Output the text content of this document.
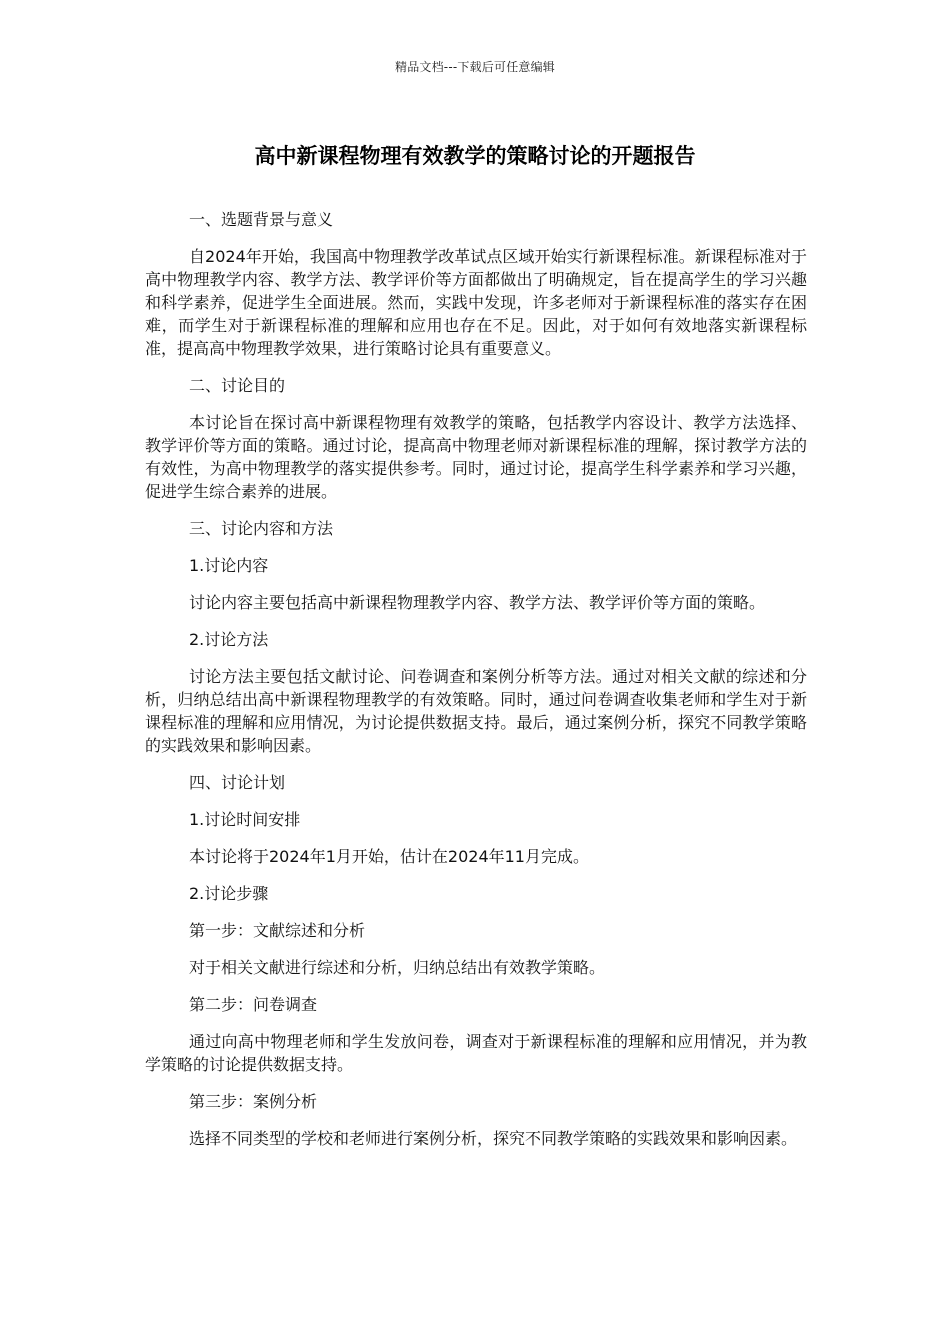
精品文档---下载后可任意编辑
高中新课程物理有效教学的策略讨论的开题报告

一、选题背景与意义

自2024年开始，我国高中物理教学改革试点区域开始实行新课程标准。新课程标准对于高中物理教学内容、教学方法、教学评价等方面都做出了明确规定，旨在提高学生的学习兴趣和科学素养，促进学生全面进展。然而，实践中发现，许多老师对于新课程标准的落实存在困难，而学生对于新课程标准的理解和应用也存在不足。因此，对于如何有效地落实新课程标准，提高高中物理教学效果，进行策略讨论具有重要意义。

二、讨论目的

本讨论旨在探讨高中新课程物理有效教学的策略，包括教学内容设计、教学方法选择、教学评价等方面的策略。通过讨论，提高高中物理老师对新课程标准的理解，探讨教学方法的有效性，为高中物理教学的落实提供参考。同时，通过讨论，提高学生科学素养和学习兴趣，促进学生综合素养的进展。

三、讨论内容和方法

1.讨论内容

讨论内容主要包括高中新课程物理教学内容、教学方法、教学评价等方面的策略。

2.讨论方法

讨论方法主要包括文献讨论、问卷调查和案例分析等方法。通过对相关文献的综述和分析，归纳总结出高中新课程物理教学的有效策略。同时，通过问卷调查收集老师和学生对于新课程标准的理解和应用情况，为讨论提供数据支持。最后，通过案例分析，探究不同教学策略的实践效果和影响因素。

四、讨论计划

1.讨论时间安排

本讨论将于2024年1月开始，估计在2024年11月完成。

2.讨论步骤

第一步：文献综述和分析

对于相关文献进行综述和分析，归纳总结出有效教学策略。

第二步：问卷调查

通过向高中物理老师和学生发放问卷，调查对于新课程标准的理解和应用情况，并为教学策略的讨论提供数据支持。

第三步：案例分析

选择不同类型的学校和老师进行案例分析，探究不同教学策略的实践效果和影响因素。
